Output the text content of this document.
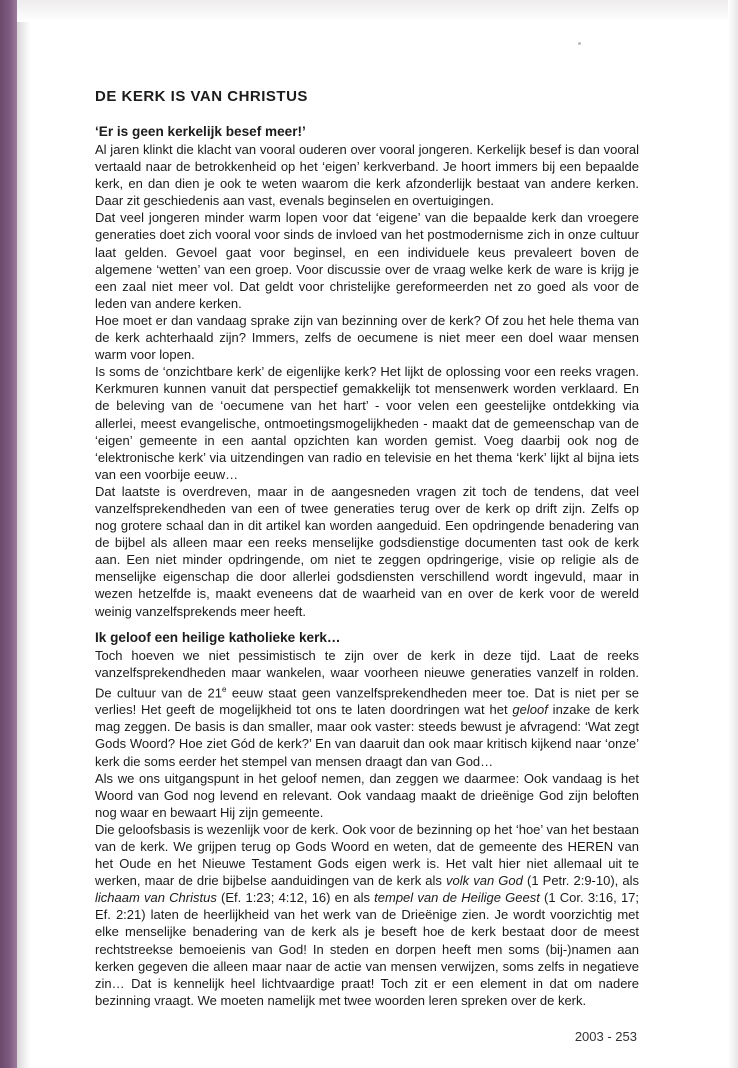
DE KERK IS VAN CHRISTUS
‘Er is geen kerkelijk besef meer!’

Al jaren klinkt die klacht van vooral ouderen over vooral jongeren. Kerkelijk besef is dan vooral vertaald naar de betrokkenheid op het ‘eigen’ kerkverband. Je hoort immers bij een bepaalde kerk, en dan dien je ook te weten waarom die kerk afzonderlijk bestaat van andere kerken. Daar zit geschiedenis aan vast, evenals beginselen en overtuigingen.

Dat veel jongeren minder warm lopen voor dat ‘eigene’ van die bepaalde kerk dan vroegere generaties doet zich vooral voor sinds de invloed van het postmodernisme zich in onze cultuur laat gelden. Gevoel gaat voor beginsel, en een individuele keus prevaleert boven de algemene ‘wetten’ van een groep. Voor discussie over de vraag welke kerk de ware is krijg je een zaal niet meer vol. Dat geldt voor christelijke gereformeerden net zo goed als voor de leden van andere kerken.

Hoe moet er dan vandaag sprake zijn van bezinning over de kerk? Of zou het hele thema van de kerk achterhaald zijn? Immers, zelfs de oecumene is niet meer een doel waar mensen warm voor lopen.

Is soms de ‘onzichtbare kerk’ de eigenlijke kerk? Het lijkt de oplossing voor een reeks vragen. Kerkmuren kunnen vanuit dat perspectief gemakkelijk tot mensenwerk worden verklaard. En de beleving van de ‘oecumene van het hart’ - voor velen een geestelijke ontdekking via allerlei, meest evangelische, ontmoetingsmogelijkheden - maakt dat de gemeenschap van de ‘eigen’ gemeente in een aantal opzichten kan worden gemist. Voeg daarbij ook nog de ‘elektronische kerk’ via uitzendingen van radio en televisie en het thema ‘kerk’ lijkt al bijna iets van een voorbije eeuw…

Dat laatste is overdreven, maar in de aangesneden vragen zit toch de tendens, dat veel vanzelfsprekendheden van een of twee generaties terug over de kerk op drift zijn. Zelfs op nog grotere schaal dan in dit artikel kan worden aangeduid. Een opdringende benadering van de bijbel als alleen maar een reeks menselijke godsdienstige documenten tast ook de kerk aan. Een niet minder opdringende, om niet te zeggen opdringerige, visie op religie als de menselijke eigenschap die door allerlei godsdiensten verschillend wordt ingevuld, maar in wezen hetzelfde is, maakt eveneens dat de waarheid van en over de kerk voor de wereld weinig vanzelfsprekends meer heeft.

Ik geloof een heilige katholieke kerk…

Toch hoeven we niet pessimistisch te zijn over de kerk in deze tijd. Laat de reeks vanzelfsprekendheden maar wankelen, waar voorheen nieuwe generaties vanzelf in rolden. De cultuur van de 21e eeuw staat geen vanzelfsprekendheden meer toe. Dat is niet per se verlies! Het geeft de mogelijkheid tot ons te laten doordringen wat het geloof inzake de kerk mag zeggen. De basis is dan smaller, maar ook vaster: steeds bewust je afvragend: ‘Wat zegt Gods Woord? Hoe ziet Gód de kerk?’ En van daaruit dan ook maar kritisch kijkend naar ‘onze’ kerk die soms eerder het stempel van mensen draagt dan van God…

Als we ons uitgangspunt in het geloof nemen, dan zeggen we daarmee: Ook vandaag is het Woord van God nog levend en relevant. Ook vandaag maakt de drieënige God zijn beloften nog waar en bewaart Hij zijn gemeente.

Die geloofsbasis is wezenlijk voor de kerk. Ook voor de bezinning op het ‘hoe’ van het bestaan van de kerk. We grijpen terug op Gods Woord en weten, dat de gemeente des HEREN van het Oude en het Nieuwe Testament Gods eigen werk is. Het valt hier niet allemaal uit te werken, maar de drie bijbelse aanduidingen van de kerk als volk van God (1 Petr. 2:9-10), als lichaam van Christus (Ef. 1:23; 4:12, 16) en als tempel van de Heilige Geest (1 Cor. 3:16, 17; Ef. 2:21) laten de heerlijkheid van het werk van de Drieënige zien. Je wordt voorzichtig met elke menselijke benadering van de kerk als je beseft hoe de kerk bestaat door de meest rechtstreekse bemoeienis van God! In steden en dorpen heeft men soms (bij-)namen aan kerken gegeven die alleen maar naar de actie van mensen verwijzen, soms zelfs in negatieve zin… Dat is kennelijk heel lichtvaardige praat! Toch zit er een element in dat om nadere bezinning vraagt. We moeten namelijk met twee woorden leren spreken over de kerk.

2003 - 253
